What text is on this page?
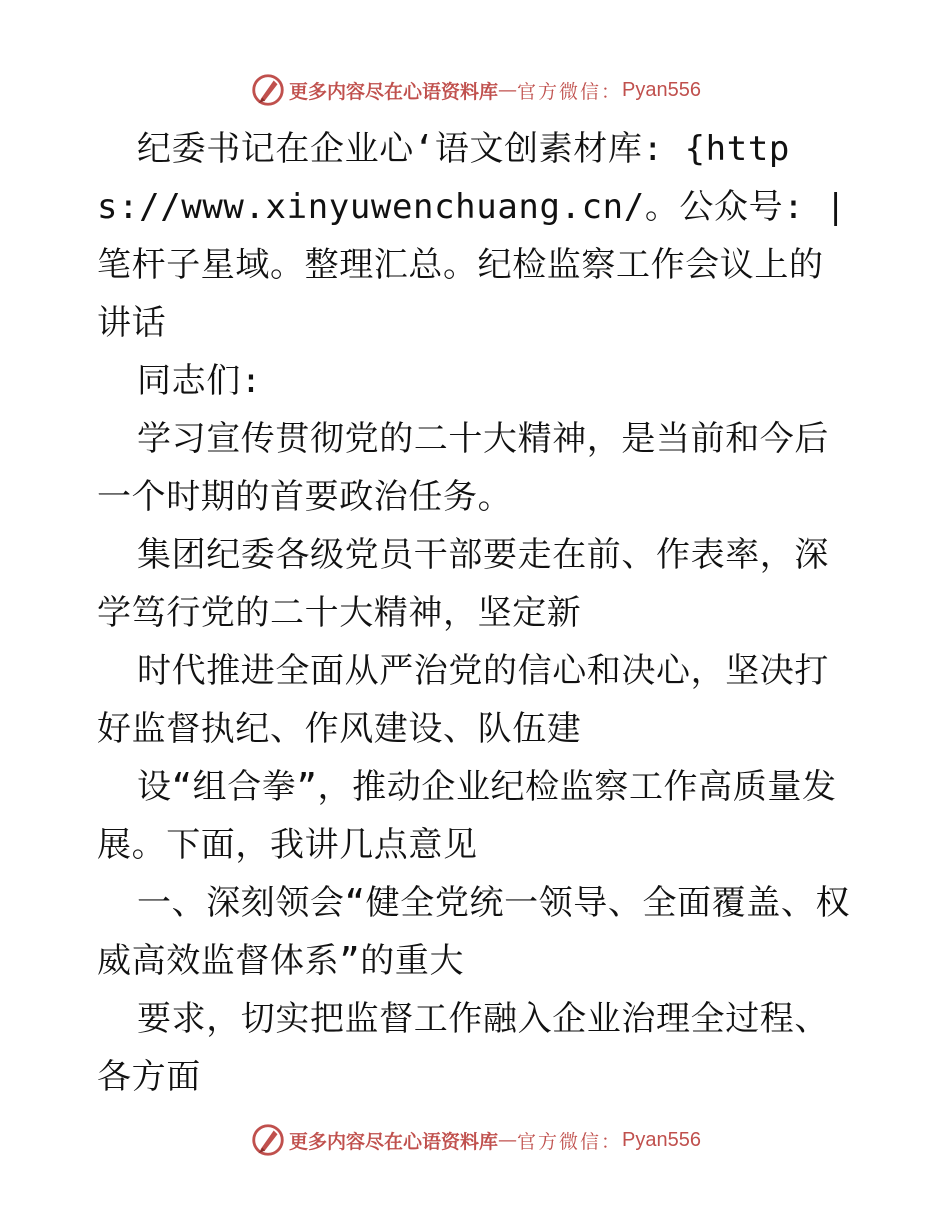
更多内容尽在心语资料库 — 官方微信： Pyan556

纪委书记在企业心‘语文创素材库: {https://www.xinyuwenchuang.cn/。公众号: |笔杆子星域。整理汇总。纪检监察工作会议上的讲话

同志们:

学习宣传贯彻党的二十大精神，是当前和今后一个时期的首要政治任务。

集团纪委各级党员干部要走在前、作表率，深学笃行党的二十大精神，坚定新

时代推进全面从严治党的信心和决心，坚决打好监督执纪、作风建设、队伍建

设“组合拳”，推动企业纪检监察工作高质量发展。下面，我讲几点意见

一、深刻领会“健全党统一领导、全面覆盖、权威高效监督体系”的重大

要求，切实把监督工作融入企业治理全过程、各方面

更多内容尽在心语资料库 — 官方微信： Pyan556
